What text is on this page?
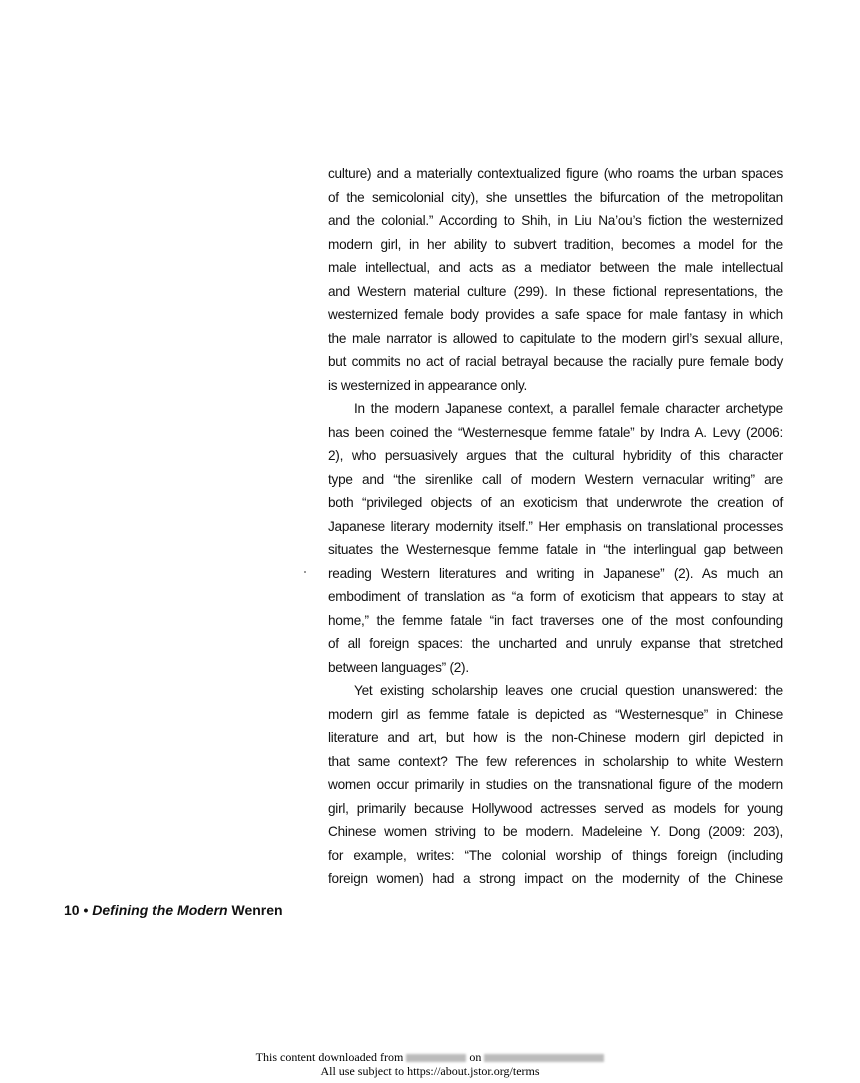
culture) and a materially contextualized figure (who roams the urban spaces
of the semicolonial city), she unsettles the bifurcation of the metropolitan
and the colonial.” According to Shih, in Liu Na’ou’s fiction the westernized
modern girl, in her ability to subvert tradition, becomes a model for the
male intellectual, and acts as a mediator between the male intellectual
and Western material culture (299). In these fictional representations, the
westernized female body provides a safe space for male fantasy in which
the male narrator is allowed to capitulate to the modern girl’s sexual allure,
but commits no act of racial betrayal because the racially pure female body
is westernized in appearance only.
In the modern Japanese context, a parallel female character archetype
has been coined the “Westernesque femme fatale” by Indra A. Levy (2006:
2), who persuasively argues that the cultural hybridity of this character
type and “the sirenlike call of modern Western vernacular writing” are
both “privileged objects of an exoticism that underwrote the creation of
Japanese literary modernity itself.” Her emphasis on translational processes
situates the Westernesque femme fatale in “the interlingual gap between
reading Western literatures and writing in Japanese” (2). As much an
embodiment of translation as “a form of exoticism that appears to stay at
home,” the femme fatale “in fact traverses one of the most confounding
of all foreign spaces: the uncharted and unruly expanse that stretched
between languages” (2).
Yet existing scholarship leaves one crucial question unanswered: the
modern girl as femme fatale is depicted as “Westernesque” in Chinese
literature and art, but how is the non-Chinese modern girl depicted in
that same context? The few references in scholarship to white Western
women occur primarily in studies on the transnational figure of the modern
girl, primarily because Hollywood actresses served as models for young
Chinese women striving to be modern. Madeleine Y. Dong (2009: 203),
for example, writes: “The colonial worship of things foreign (including
foreign women) had a strong impact on the modernity of the Chinese
10 • Defining the Modern Wenren
This content downloaded from	on
All use subject to https://about.jstor.org/terms
